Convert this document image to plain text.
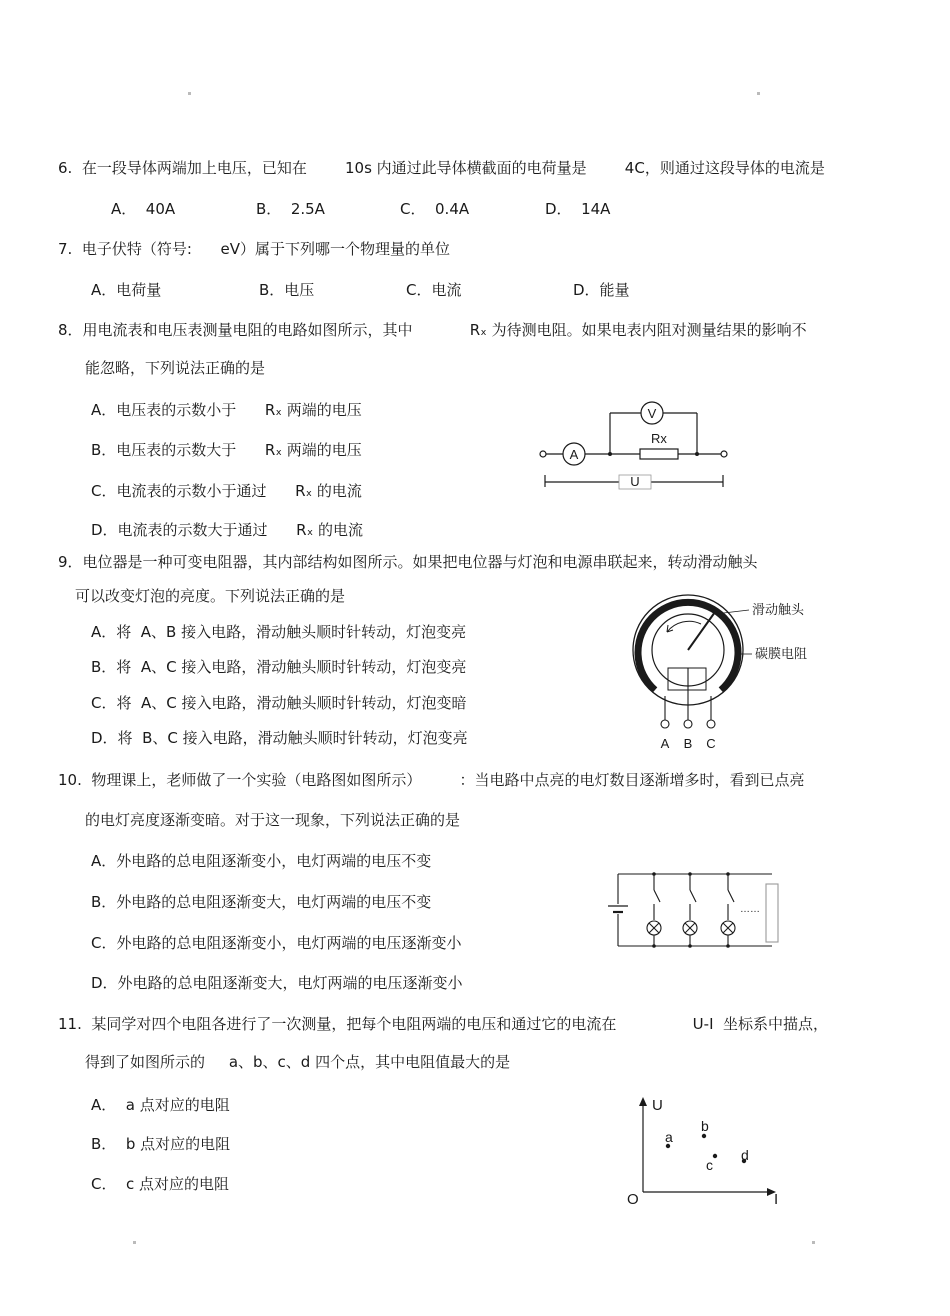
6.  在一段导体两端加上电压，已知在        10s 内通过此导体横截面的电荷量是        4C，则通过这段导体的电流是
A．  40A	B．  2.5A	C．  0.4A	D．  14A
7.  电子伏特（符号:      eV）属于下列哪一个物理量的单位
A．电荷量	B．电压	C．电流	D．能量
8．用电流表和电压表测量电阻的电路如图所示，其中            Rₓ 为待测电阻。如果电表内阻对测量结果的影响不
能忽略，下列说法正确的是
A．电压表的示数小于      Rₓ 两端的电压
B．电压表的示数大于      Rₓ 两端的电压
C．电流表的示数小于通过      Rₓ 的电流
D．电流表的示数大于通过      Rₓ 的电流
V
A
Rx
U
9．电位器是一种可变电阻器，其内部结构如图所示。如果把电位器与灯泡和电源串联起来，转动滑动触头
可以改变灯泡的亮度。下列说法正确的是
A．将  A、B 接入电路，滑动触头顺时针转动，灯泡变亮
B．将  A、C 接入电路，滑动触头顺时针转动，灯泡变亮
C．将  A、C 接入电路，滑动触头顺时针转动，灯泡变暗
D．将  B、C 接入电路，滑动触头顺时针转动，灯泡变亮
滑动触头
碳膜电阻
A B C
10.  物理课上，老师做了一个实验（电路图如图所示）        ：当电路中点亮的电灯数目逐渐增多时，看到已点亮
的电灯亮度逐渐变暗。对于这一现象，下列说法正确的是
A．外电路的总电阻逐渐变小，电灯两端的电压不变
B．外电路的总电阻逐渐变大，电灯两端的电压不变
C．外电路的总电阻逐渐变小，电灯两端的电压逐渐变小
D．外电路的总电阻逐渐变大，电灯两端的电压逐渐变小
……
11.  某同学对四个电阻各进行了一次测量，把每个电阻两端的电压和通过它的电流在                U-I  坐标系中描点，
得到了如图所示的     a、b、c、d 四个点，其中电阻值最大的是
A．  a 点对应的电阻
B．  b 点对应的电阻
C．  c 点对应的电阻
U
I
O
a
b
c
d
